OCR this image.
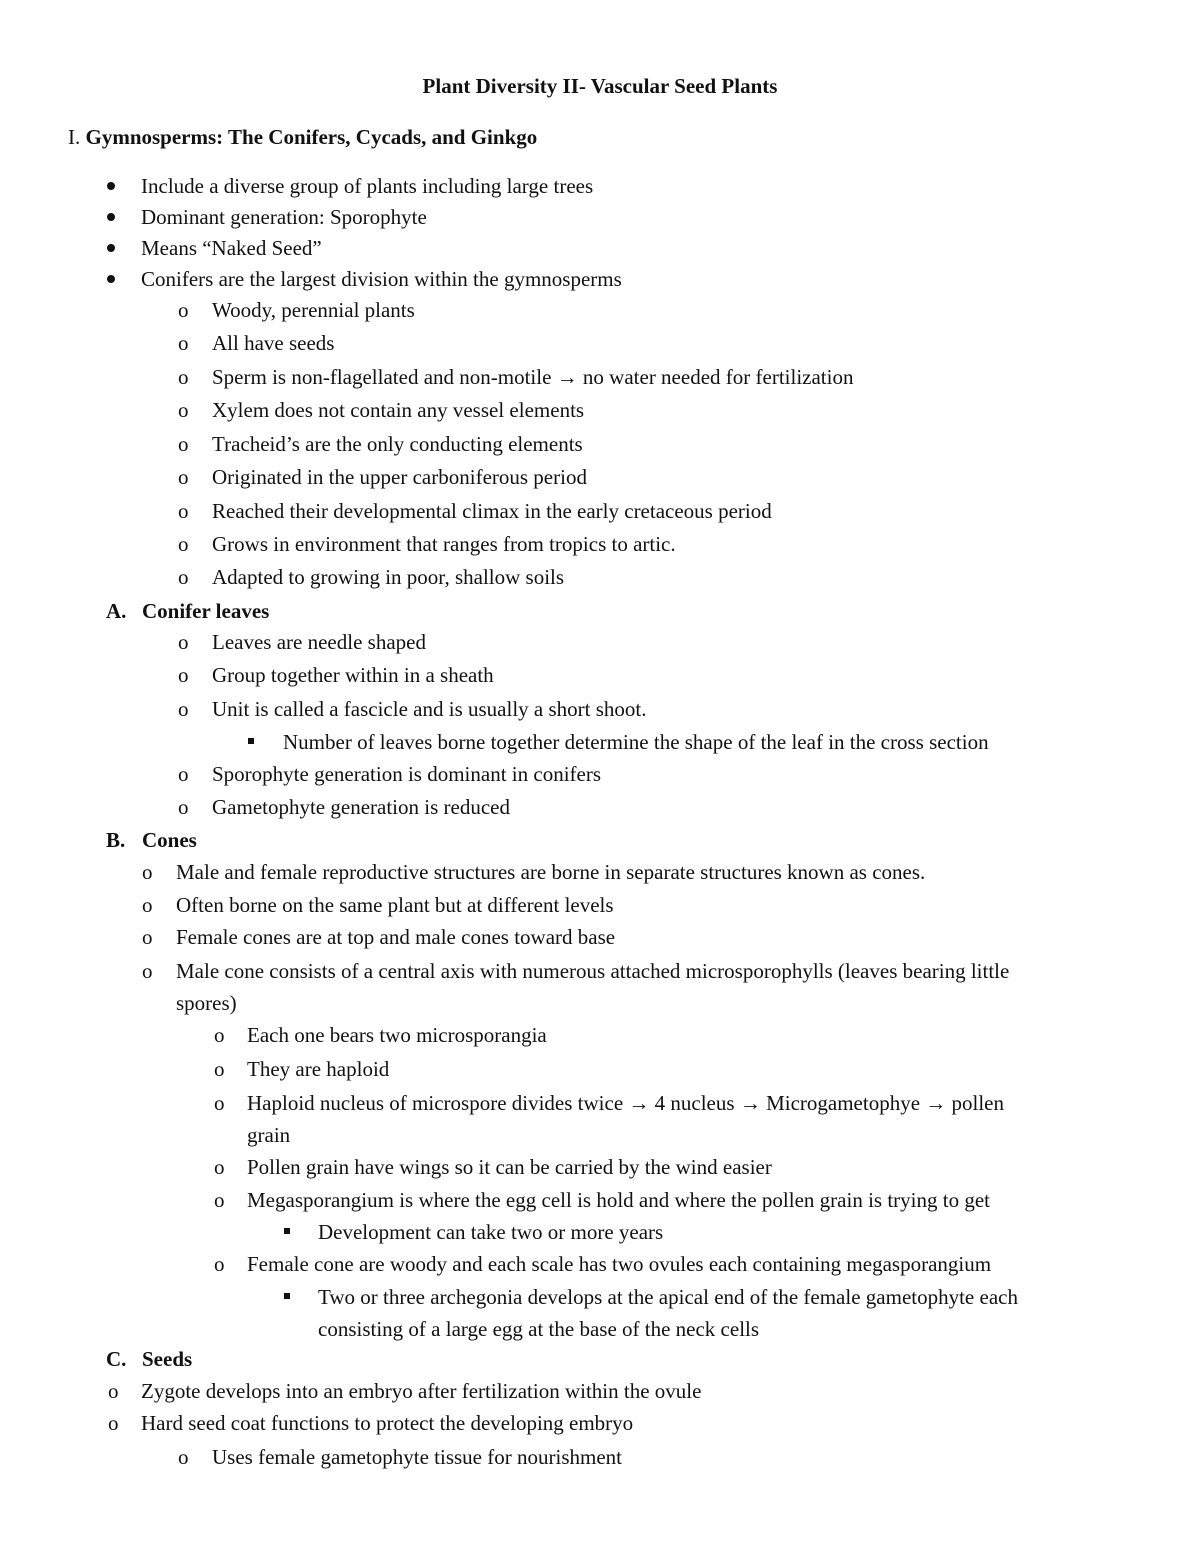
Plant Diversity II- Vascular Seed Plants
I. Gymnosperms: The Conifers, Cycads, and Ginkgo
Include a diverse group of plants including large trees
Dominant generation: Sporophyte
Means “Naked Seed”
Conifers are the largest division within the gymnosperms
o Woody, perennial plants
o All have seeds
o Sperm is non-flagellated and non-motile → no water needed for fertilization
o Xylem does not contain any vessel elements
o Tracheid’s are the only conducting elements
o Originated in the upper carboniferous period
o Reached their developmental climax in the early cretaceous period
o Grows in environment that ranges from tropics to artic.
o Adapted to growing in poor, shallow soils
A. Conifer leaves
o Leaves are needle shaped
o Group together within in a sheath
o Unit is called a fascicle and is usually a short shoot.
Number of leaves borne together determine the shape of the leaf in the cross section
o Sporophyte generation is dominant in conifers
o Gametophyte generation is reduced
B. Cones
o Male and female reproductive structures are borne in separate structures known as cones.
o Often borne on the same plant but at different levels
o Female cones are at top and male cones toward base
o Male cone consists of a central axis with numerous attached microsporophylls (leaves bearing little
spores)
o Each one bears two microsporangia
o They are haploid
o Haploid nucleus of microspore divides twice → 4 nucleus → Microgametophye → pollen
grain
o Pollen grain have wings so it can be carried by the wind easier
o Megasporangium is where the egg cell is hold and where the pollen grain is trying to get
Development can take two or more years
o Female cone are woody and each scale has two ovules each containing megasporangium
Two or three archegonia develops at the apical end of the female gametophyte each
consisting of a large egg at the base of the neck cells
C. Seeds
o Zygote develops into an embryo after fertilization within the ovule
o Hard seed coat functions to protect the developing embryo
o Uses female gametophyte tissue for nourishment
